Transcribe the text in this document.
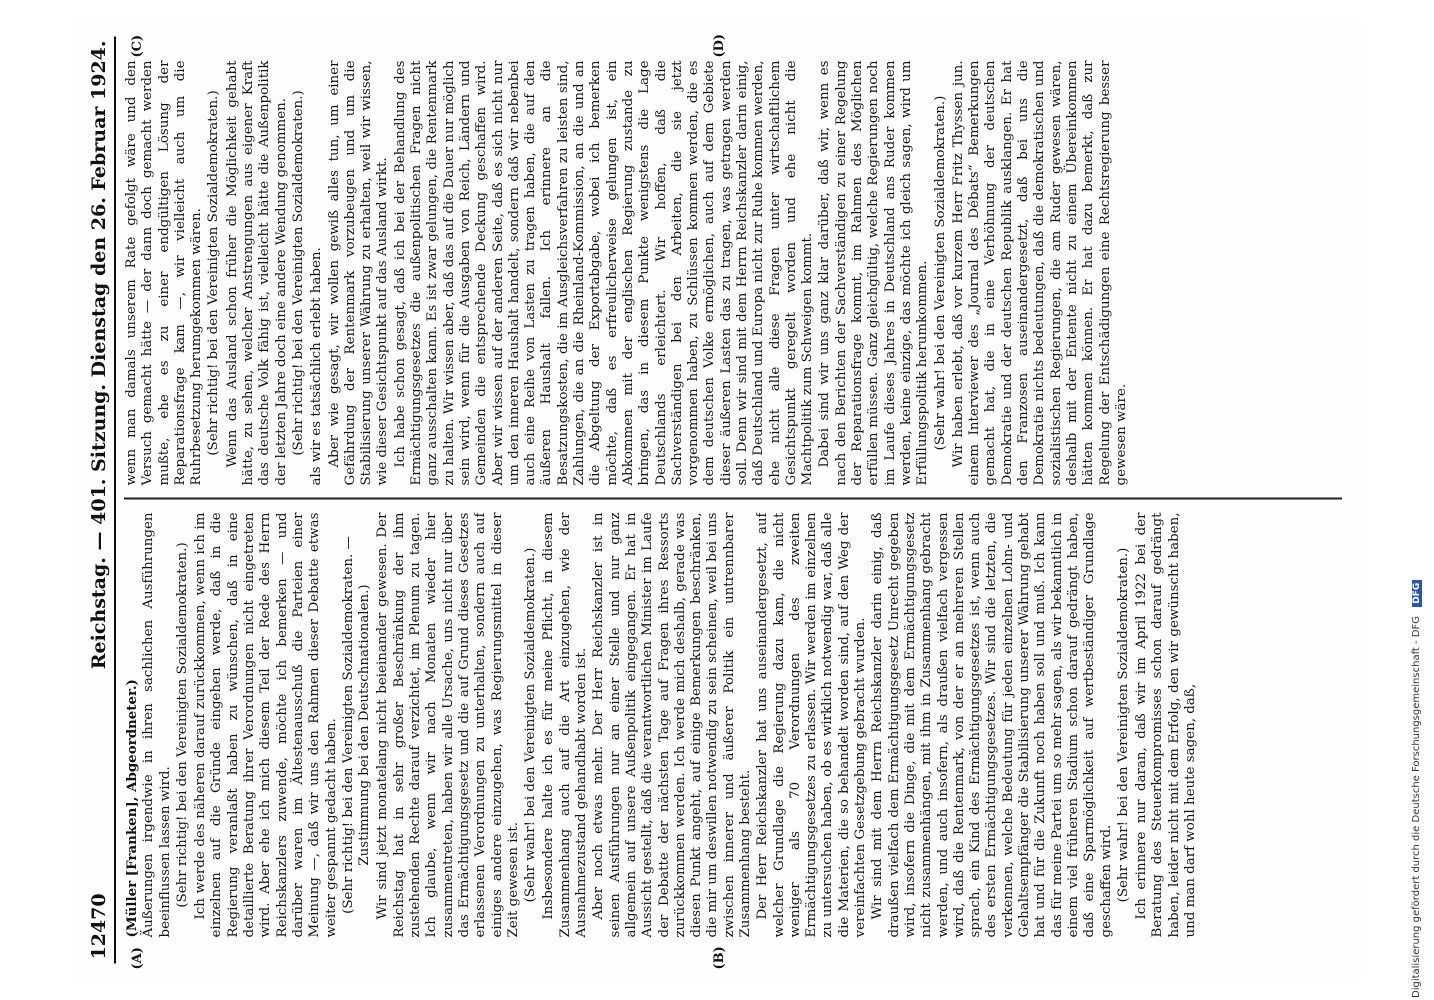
12470
Reichstag. — 401. Sitzung. Dienstag den 26. Februar 1924.
(A)	(B)
(C)	(D)

(Müller [Franken], Abgeordneter.) Äußerungen irgendwie in ihren sachlichen Ausführungen beeinflussen lassen wird. (Sehr richtig! bei den Vereinigten Sozialdemokraten.) Ich werde des näheren darauf zurückkommen, wenn ich im einzelnen auf die Gründe eingehen werde, daß in die Regierung veranlaßt haben zu wünschen, daß in eine detaillierte Beratung ihrer Verordnungen nicht eingetreten wird. Aber ehe ich mich diesem Teil der Rede des Herrn Reichskanzlers zuwende, möchte ich bemerken — und darüber waren im Ältestenausschuß die Parteien einer Meinung —, daß wir uns den Rahmen dieser Debatte etwas weiter gespannt gedacht haben. (Sehr richtig! bei den Vereinigten Sozialdemokraten. — Zustimmung bei den Deutschnationalen.) Wir sind jetzt monatelang nicht beieinander gewesen. Der Reichstag hat in sehr großer Beschränkung der ihm zustehenden Rechte darauf verzichtet, im Plenum zu tagen. Ich glaube, wenn wir nach Monaten wieder hier zusammentreten, haben wir alle Ursache, uns nicht nur über das Ermächtigungsgesetz und die auf Grund dieses Gesetzes erlassenen Verordnungen zu unterhalten, sondern auch auf einiges andere einzugehen, was Regierungsmittel in dieser Zeit gewesen ist. (Sehr wahr! bei den Vereinigten Sozialdemokraten.) Insbesondere halte ich es für meine Pflicht, in diesem Zusammenhang auch auf die Art einzugehen, wie der Ausnahmezustand gehandhabt worden ist. Aber noch etwas mehr. Der Herr Reichskanzler ist in seinen Ausführungen nur an einer Stelle und nur ganz allgemein auf unsere Außenpolitik eingegangen. Er hat in Aussicht gestellt, daß die verantwortlichen Minister im Laufe der Debatte der nächsten Tage auf Fragen ihres Ressorts zurückkommen werden. Ich werde mich deshalb, gerade was diesen Punkt angeht, auf einige Bemerkungen beschränken, die mir um deswillen notwendig zu sein scheinen, weil bei uns zwischen innerer und äußerer Politik ein untrennbarer Zusammenhang besteht. Der Herr Reichskanzler hat uns auseinandergesetzt, auf welcher Grundlage die Regierung dazu kam, die nicht weniger als 70 Verordnungen des zweiten Ermächtigungsgesetzes zu erlassen. Wir werden im einzelnen zu untersuchen haben, ob es wirklich notwendig war, daß alle die Materien, die so behandelt worden sind, auf den Weg der vereinfachten Gesetzgebung gebracht wurden. Wir sind mit dem Herrn Reichskanzler darin einig, daß draußen vielfach dem Ermächtigungsgesetz Unrecht gegeben wird, insofern die Dinge, die mit dem Ermächtigungsgesetz nicht zusammenhängen, mit ihm in Zusammenhang gebracht werden, und auch insofern, als draußen vielfach vergessen wird, daß die Rentenmark, von der er an mehreren Stellen sprach, ein Kind des Ermächtigungsgesetzes ist, wenn auch des ersten Ermächtigungsgesetzes. Wir sind die letzten, die verkennen, welche Bedeutung für jeden einzelnen Lohn- und Gehaltsempfänger die Stabilisierung unserer Währung gehabt hat und für die Zukunft noch haben soll und muß. Ich kann das für meine Partei um so mehr sagen, als wir bekanntlich in einem viel früheren Stadium schon darauf gedrängt haben, daß eine Sparmöglichkeit auf wertbeständiger Grundlage geschaffen wird. (Sehr wahr! bei den Vereinigten Sozialdemokraten.) Ich erinnere nur daran, daß wir im April 1922 bei der Beratung des Steuerkompromisses schon darauf gedrängt haben, leider nicht mit dem Erfolg, den wir gewünscht haben, und man darf wohl heute sagen, daß,

wenn man damals unserem Rate gefolgt wäre und den Versuch gemacht hätte — der dann doch gemacht werden mußte, ehe es zu einer endgültigen Lösung der Reparationsfrage kam —, wir vielleicht auch um die Ruhrbesetzung herumgekommen wären. (Sehr richtig! bei den Vereinigten Sozialdemokraten.) Wenn das Ausland schon früher die Möglichkeit gehabt hätte, zu sehen, welcher Anstrengungen aus eigener Kraft das deutsche Volk fähig ist, vielleicht hätte die Außenpolitik der letzten Jahre doch eine andere Wendung genommen. (Sehr richtig! bei den Vereinigten Sozialdemokraten.) als wir es tatsächlich erlebt haben. Aber wie gesagt, wir wollen gewiß alles tun, um einer Gefährdung der Rentenmark vorzubeugen und um die Stabilisierung unserer Währung zu erhalten, weil wir wissen, wie dieser Gesichtspunkt auf das Ausland wirkt. Ich habe schon gesagt, daß ich bei der Behandlung des Ermächtigungsgesetzes die außenpolitischen Fragen nicht ganz ausschalten kann. Es ist zwar gelungen, die Rentenmark zu halten. Wir wissen aber, daß das auf die Dauer nur möglich sein wird, wenn für die Ausgaben von Reich, Ländern und Gemeinden die entsprechende Deckung geschaffen wird. Aber wir wissen auf der anderen Seite, daß es sich nicht nur um den inneren Haushalt handelt, sondern daß wir nebenbei auch eine Reihe von Lasten zu tragen haben, die auf den äußeren Haushalt fallen. Ich erinnere an die Besatzungskosten, die im Ausgleichsverfahren zu leisten sind, Zahlungen, die an die Rheinland-Kommission, an die und an die Abgeltung der Exportabgabe, wobei ich bemerken möchte, daß es erfreulicherweise gelungen ist, ein Abkommen mit der englischen Regierung zustande zu bringen, das in diesem Punkte wenigstens die Lage Deutschlands erleichtert. Wir hoffen, daß die Sachverständigen bei den Arbeiten, die sie jetzt vorgenommen haben, zu Schlüssen kommen werden, die es dem deutschen Volke ermöglichen, auch auf dem Gebiete dieser äußeren Lasten das zu tragen, was getragen werden soll. Denn wir sind mit dem Herrn Reichskanzler darin einig, daß Deutschland und Europa nicht zur Ruhe kommen werden, ehe nicht alle diese Fragen unter wirtschaftlichem Gesichtspunkt geregelt worden und ehe nicht die Machtpolitik zum Schweigen kommt. Dabei sind wir uns ganz klar darüber, daß wir, wenn es nach den Berichten der Sachverständigen zu einer Regelung der Reparationsfrage kommt, im Rahmen des Möglichen erfüllen müssen. Ganz gleichgültig, welche Regierungen noch im Laufe dieses Jahres in Deutschland ans Ruder kommen werden, keine einzige, das möchte ich gleich sagen, wird um Erfüllungspolitik herumkommen. (Sehr wahr! bei den Vereinigten Sozialdemokraten.) Wir haben erlebt, daß vor kurzem Herr Fritz Thyssen jun. einem Interviewer des „Journal des Débats“ Bemerkungen gemacht hat, die in eine Verhöhnung der deutschen Demokratie und der deutschen Republik ausklangen. Er hat den Franzosen auseinandergesetzt, daß bei uns die Demokratie nichts bedeutungen, daß die demokratischen und sozialistischen Regierungen, die am Ruder gewesen wären, deshalb mit der Entente nicht zu einem Übereinkommen hätten kommen können. Er hat dazu bemerkt, daß zur Regelung der Entschädigungen eine Rechtsregierung besser gewesen wäre.

Digitalisierung gefördert durch die Deutsche Forschungsgemeinschaft - DFG DFG
